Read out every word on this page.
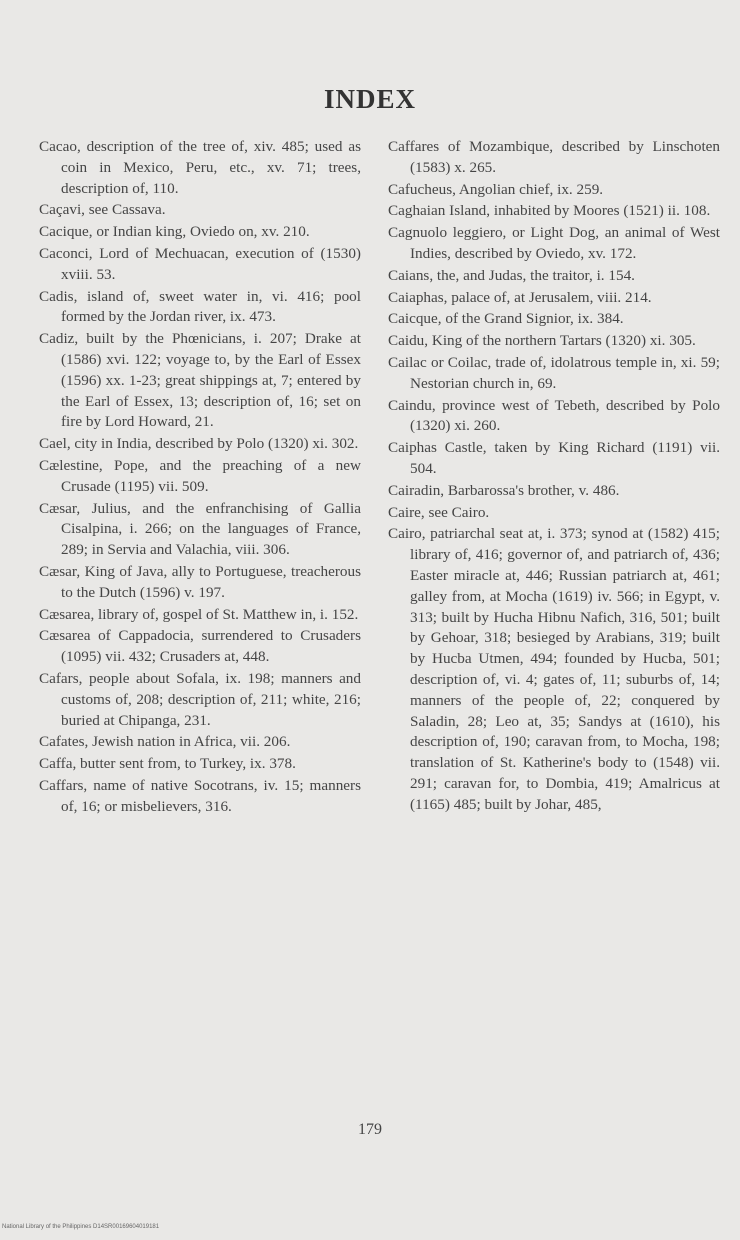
INDEX

Cacao, description of the tree of, xiv. 485; used as coin in Mexico, Peru, etc., xv. 71; trees, description of, 110.

Caçavi, see Cassava.

Cacique, or Indian king, Oviedo on, xv. 210.

Caconci, Lord of Mechuacan, execution of (1530) xviii. 53.

Cadis, island of, sweet water in, vi. 416; pool formed by the Jordan river, ix. 473.

Cadiz, built by the Phœnicians, i. 207; Drake at (1586) xvi. 122; voyage to, by the Earl of Essex (1596) xx. 1-23; great shippings at, 7; entered by the Earl of Essex, 13; description of, 16; set on fire by Lord Howard, 21.

Cael, city in India, described by Polo (1320) xi. 302.

Cælestine, Pope, and the preaching of a new Crusade (1195) vii. 509.

Cæsar, Julius, and the enfranchising of Gallia Cisalpina, i. 266; on the languages of France, 289; in Servia and Valachia, viii. 306.

Cæsar, King of Java, ally to Portuguese, treacherous to the Dutch (1596) v. 197.

Cæsarea, library of, gospel of St. Matthew in, i. 152.

Cæsarea of Cappadocia, surrendered to Crusaders (1095) vii. 432; Crusaders at, 448.

Cafars, people about Sofala, ix. 198; manners and customs of, 208; description of, 211; white, 216; buried at Chipanga, 231.

Cafates, Jewish nation in Africa, vii. 206.

Caffa, butter sent from, to Turkey, ix. 378.

Caffars, name of native Socotrans, iv. 15; manners of, 16; or misbelievers, 316.

Caffares of Mozambique, described by Linschoten (1583) x. 265.

Cafucheus, Angolian chief, ix. 259.

Caghaian Island, inhabited by Moores (1521) ii. 108.

Cagnuolo leggiero, or Light Dog, an animal of West Indies, described by Oviedo, xv. 172.

Caians, the, and Judas, the traitor, i. 154.

Caiaphas, palace of, at Jerusalem, viii. 214.

Caicque, of the Grand Signior, ix. 384.

Caidu, King of the northern Tartars (1320) xi. 305.

Cailac or Coilac, trade of, idolatrous temple in, xi. 59; Nestorian church in, 69.

Caindu, province west of Tebeth, described by Polo (1320) xi. 260.

Caiphas Castle, taken by King Richard (1191) vii. 504.

Cairadin, Barbarossa's brother, v. 486.

Caire, see Cairo.

Cairo, patriarchal seat at, i. 373; synod at (1582) 415; library of, 416; governor of, and patriarch of, 436; Easter miracle at, 446; Russian patriarch at, 461; galley from, at Mocha (1619) iv. 566; in Egypt, v. 313; built by Hucha Hibnu Nafich, 316, 501; built by Gehoar, 318; besieged by Arabians, 319; built by Hucba Utmen, 494; founded by Hucba, 501; description of, vi. 4; gates of, 11; suburbs of, 14; manners of the people of, 22; conquered by Saladin, 28; Leo at, 35; Sandys at (1610), his description of, 190; caravan from, to Mocha, 198; translation of St. Katherine's body to (1548) vii. 291; caravan for, to Dombia, 419; Amalricus at (1165) 485; built by Johar, 485,

179
National Library of the Philippines D14SR00169604019181
